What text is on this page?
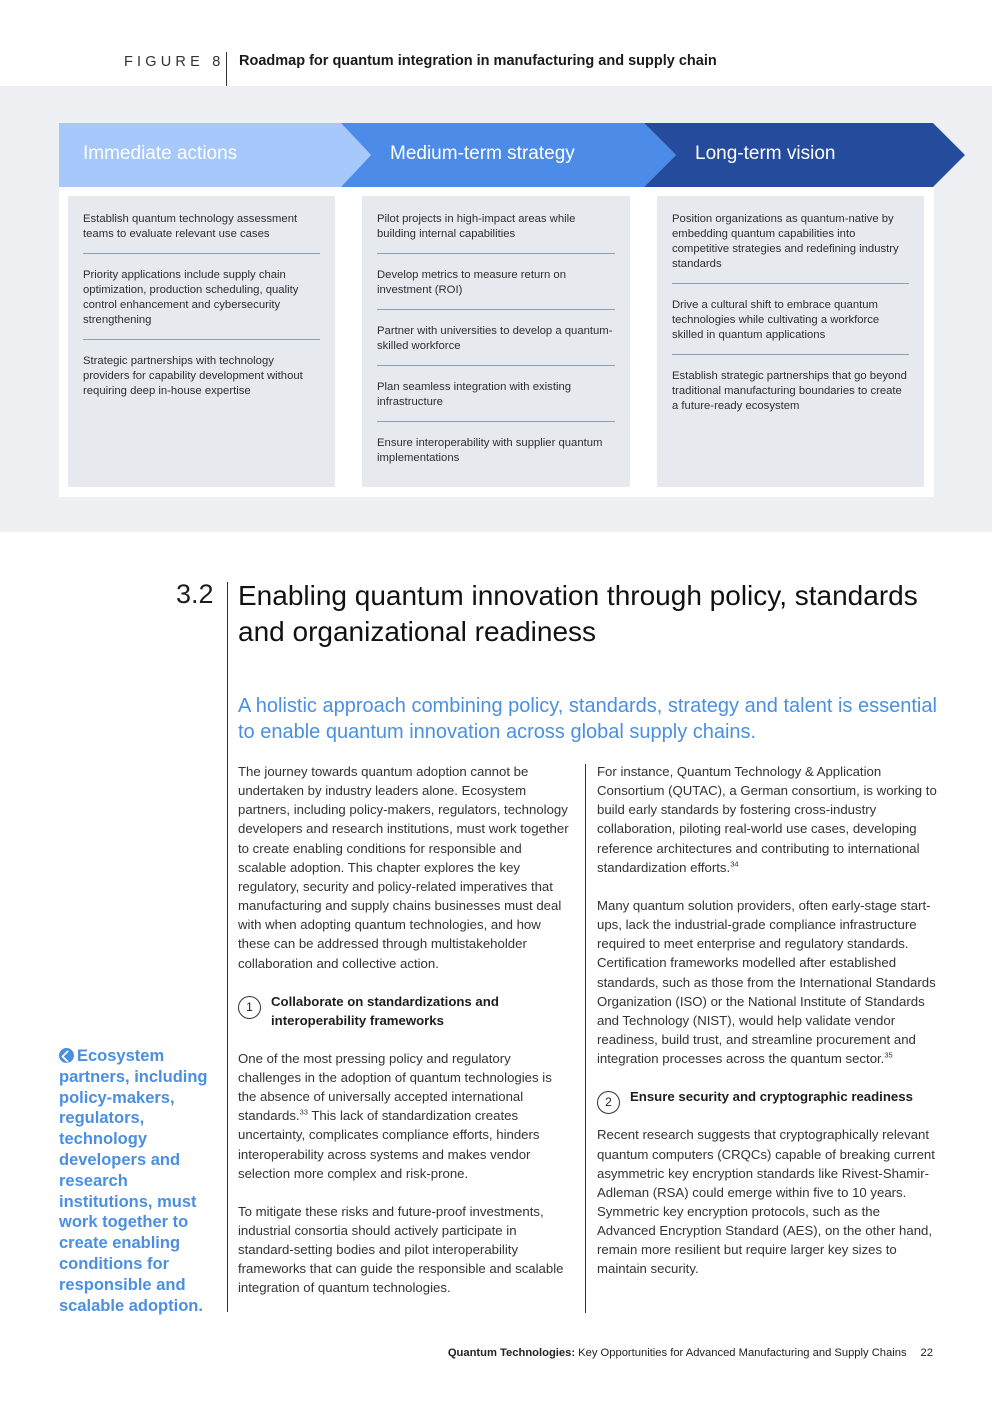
FIGURE 8 Roadmap for quantum integration in manufacturing and supply chain
Immediate actions	Medium-term strategy	Long-term vision
Establish quantum technology assessment teams to evaluate relevant use cases
Priority applications include supply chain optimization, production scheduling, quality control enhancement and cybersecurity strengthening
Strategic partnerships with technology providers for capability development without requiring deep in-house expertise
Pilot projects in high-impact areas while building internal capabilities
Develop metrics to measure return on investment (ROI)
Partner with universities to develop a quantum-skilled workforce
Plan seamless integration with existing infrastructure
Ensure interoperability with supplier quantum implementations
Position organizations as quantum-native by embedding quantum capabilities into competitive strategies and redefining industry standards
Drive a cultural shift to embrace quantum technologies while cultivating a workforce skilled in quantum applications
Establish strategic partnerships that go beyond traditional manufacturing boundaries to create a future-ready ecosystem
3.2 Enabling quantum innovation through policy, standards and organizational readiness
A holistic approach combining policy, standards, strategy and talent is essential to enable quantum innovation across global supply chains.
Ecosystem partners, including policy-makers, regulators, technology developers and research institutions, must work together to create enabling conditions for responsible and scalable adoption.

The journey towards quantum adoption cannot be undertaken by industry leaders alone. Ecosystem partners, including policy-makers, regulators, technology developers and research institutions, must work together to create enabling conditions for responsible and scalable adoption. This chapter explores the key regulatory, security and policy-related imperatives that manufacturing and supply chains businesses must deal with when adopting quantum technologies, and how these can be addressed through multistakeholder collaboration and collective action.

1	Collaborate on standardizations and interoperability frameworks

One of the most pressing policy and regulatory challenges in the adoption of quantum technologies is the absence of universally accepted international standards.$^{33}$ This lack of standardization creates uncertainty, complicates compliance efforts, hinders interoperability across systems and makes vendor selection more complex and risk-prone.

To mitigate these risks and future-proof investments, industrial consortia should actively participate in standard-setting bodies and pilot interoperability frameworks that can guide the responsible and scalable integration of quantum technologies.

For instance, Quantum Technology & Application Consortium (QUTAC), a German consortium, is working to build early standards by fostering cross-industry collaboration, piloting real-world use cases, developing reference architectures and contributing to international standardization efforts.$^{34}$

Many quantum solution providers, often early-stage start-ups, lack the industrial-grade compliance infrastructure required to meet enterprise and regulatory standards. Certification frameworks modelled after established standards, such as those from the International Standards Organization (ISO) or the National Institute of Standards and Technology (NIST), would help validate vendor readiness, build trust, and streamline procurement and integration processes across the quantum sector.$^{35}$

2	Ensure security and cryptographic readiness

Recent research suggests that cryptographically relevant quantum computers (CRQCs) capable of breaking current asymmetric key encryption standards like Rivest-Shamir-Adleman (RSA) could emerge within five to 10 years. Symmetric key encryption protocols, such as the Advanced Encryption Standard (AES), on the other hand, remain more resilient but require larger key sizes to maintain security.

Quantum Technologies: Key Opportunities for Advanced Manufacturing and Supply Chains 22
